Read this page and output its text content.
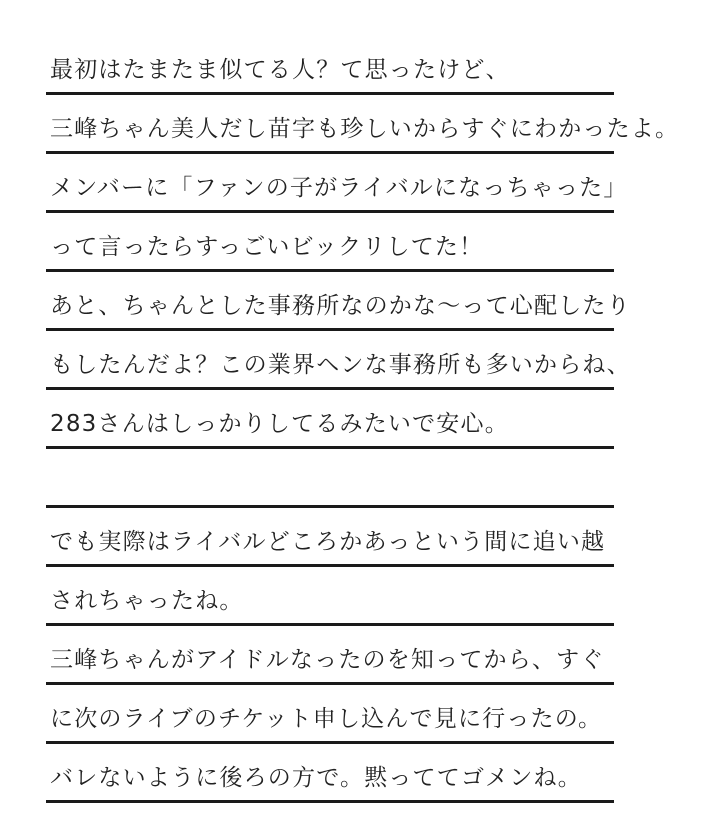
最初はたまたま似てる人？て思ったけど、
三峰ちゃん美人だし苗字も珍しいからすぐにわかったよ。
メンバーに「ファンの子がライバルになっちゃった」
って言ったらすっごいビックリしてた！
あと、ちゃんとした事務所なのかな～って心配したり
もしたんだよ？この業界ヘンな事務所も多いからね、
283さんはしっかりしてるみたいで安心。
でも実際はライバルどころかあっという間に追い越
されちゃったね。
三峰ちゃんがアイドルなったのを知ってから、すぐ
に次のライブのチケット申し込んで見に行ったの。
バレないように後ろの方で。黙っててゴメンね。
